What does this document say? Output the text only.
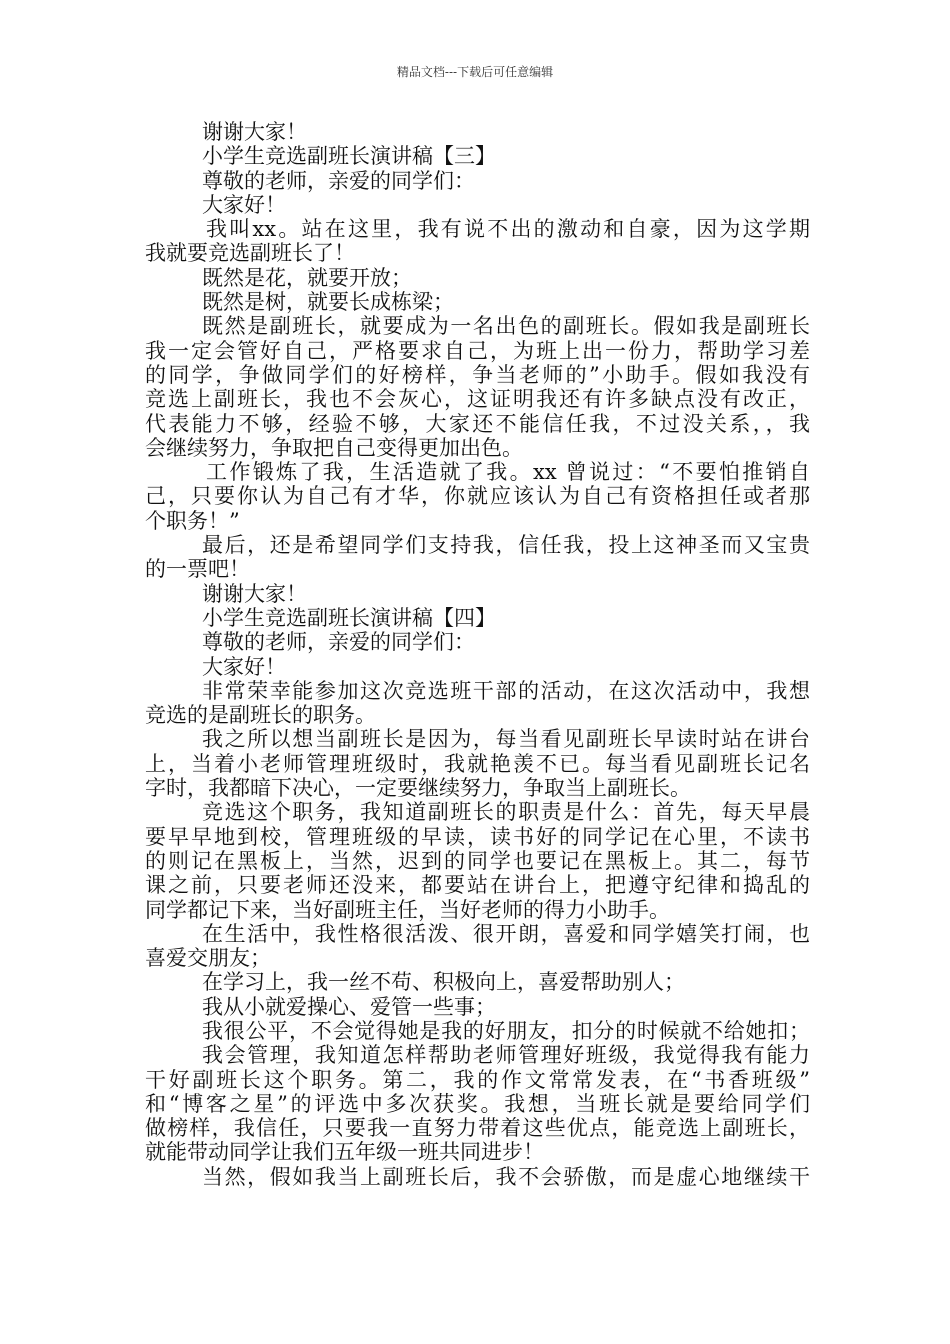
精品文档---下载后可任意编辑
谢谢大家！
小学生竞选副班长演讲稿【三】
尊敬的老师，亲爱的同学们：
大家好！
我叫xx。站在这里，我有说不出的激动和自豪，因为这学期
我就要竞选副班长了！
既然是花，就要开放；
既然是树，就要长成栋梁；
既然是副班长，就要成为一名出色的副班长。假如我是副班长
我一定会管好自己，严格要求自己，为班上出一份力，帮助学习差
的同学，争做同学们的好榜样，争当老师的”小助手。假如我没有
竞选上副班长，我也不会灰心，这证明我还有许多缺点没有改正，
代表能力不够，经验不够，大家还不能信任我，不过没关系，，我
会继续努力，争取把自己变得更加出色。
工作锻炼了我，生活造就了我。xx 曾说过：“不要怕推销自
己，只要你认为自己有才华，你就应该认为自己有资格担任或者那
个职务！”
最后，还是希望同学们支持我，信任我，投上这神圣而又宝贵
的一票吧！
谢谢大家！
小学生竞选副班长演讲稿【四】
尊敬的老师，亲爱的同学们：
大家好！
非常荣幸能参加这次竞选班干部的活动，在这次活动中，我想
竞选的是副班长的职务。
我之所以想当副班长是因为，每当看见副班长早读时站在讲台
上，当着小老师管理班级时，我就艳羡不已。每当看见副班长记名
字时，我都暗下决心，一定要继续努力，争取当上副班长。
竞选这个职务，我知道副班长的职责是什么：首先，每天早晨
要早早地到校，管理班级的早读，读书好的同学记在心里，不读书
的则记在黑板上，当然，迟到的同学也要记在黑板上。其二，每节
课之前，只要老师还没来，都要站在讲台上，把遵守纪律和捣乱的
同学都记下来，当好副班主任，当好老师的得力小助手。
在生活中，我性格很活泼、很开朗，喜爱和同学嬉笑打闹，也
喜爱交朋友；
在学习上，我一丝不苟、积极向上，喜爱帮助别人；
我从小就爱操心、爱管一些事；
我很公平，不会觉得她是我的好朋友，扣分的时候就不给她扣；
我会管理，我知道怎样帮助老师管理好班级，我觉得我有能力
干好副班长这个职务。第二，我的作文常常发表，在“书香班级”
和“博客之星”的评选中多次获奖。我想，当班长就是要给同学们
做榜样，我信任，只要我一直努力带着这些优点，能竞选上副班长，
就能带动同学让我们五年级一班共同进步！
当然，假如我当上副班长后，我不会骄傲，而是虚心地继续干
